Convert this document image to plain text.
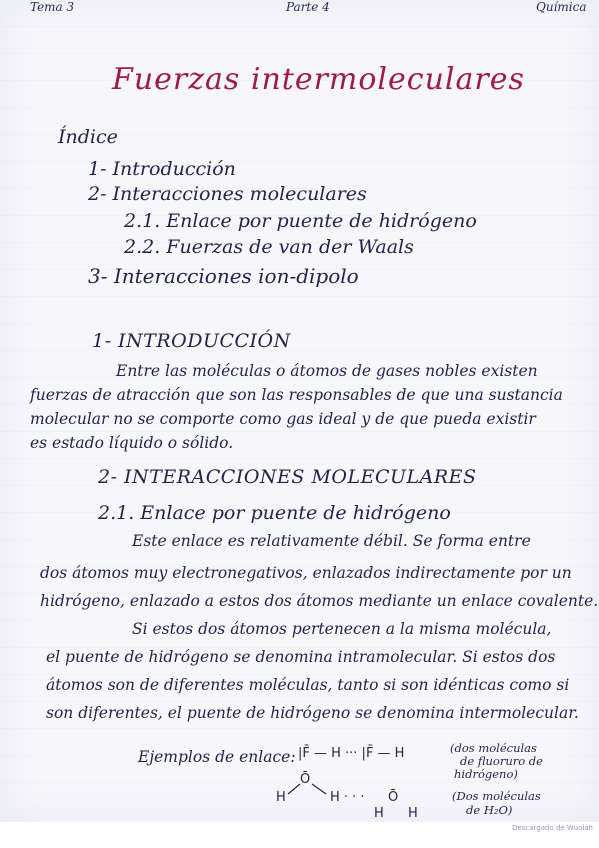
Tema 3	Parte 4	Química
Fuerzas intermoleculares
Índice
1- Introducción
2- Interacciones moleculares
2.1. Enlace por puente de hidrógeno
2.2. Fuerzas de van der Waals
3- Interacciones ion-dipolo
1- INTRODUCCIÓN
Entre las moléculas o átomos de gases nobles existen
fuerzas de atracción que son las responsables de que una sustancia
molecular no se comporte como gas ideal y de que pueda existir
es estado líquido o sólido.
2- INTERACCIONES MOLECULARES
2.1. Enlace por puente de hidrógeno
Este enlace es relativamente débil. Se forma entre
dos átomos muy electronegativos, enlazados indirectamente por un
hidrógeno, enlazado a estos dos átomos mediante un enlace covalente.
Si estos dos átomos pertenecen a la misma molécula,
el puente de hidrógeno se denomina intramolecular. Si estos dos
átomos son de diferentes moléculas, tanto si son idénticas como si
son diferentes, el puente de hidrógeno se denomina intermolecular.
Ejemplos de enlace: |F̄ — H ··· |F̄ — H	(dos moléculas
de fluoruro de
hidrógeno)
Ō
H	H · · · Ō
H H
(Dos moléculas
de H₂O)
Descargado de Wuolah
